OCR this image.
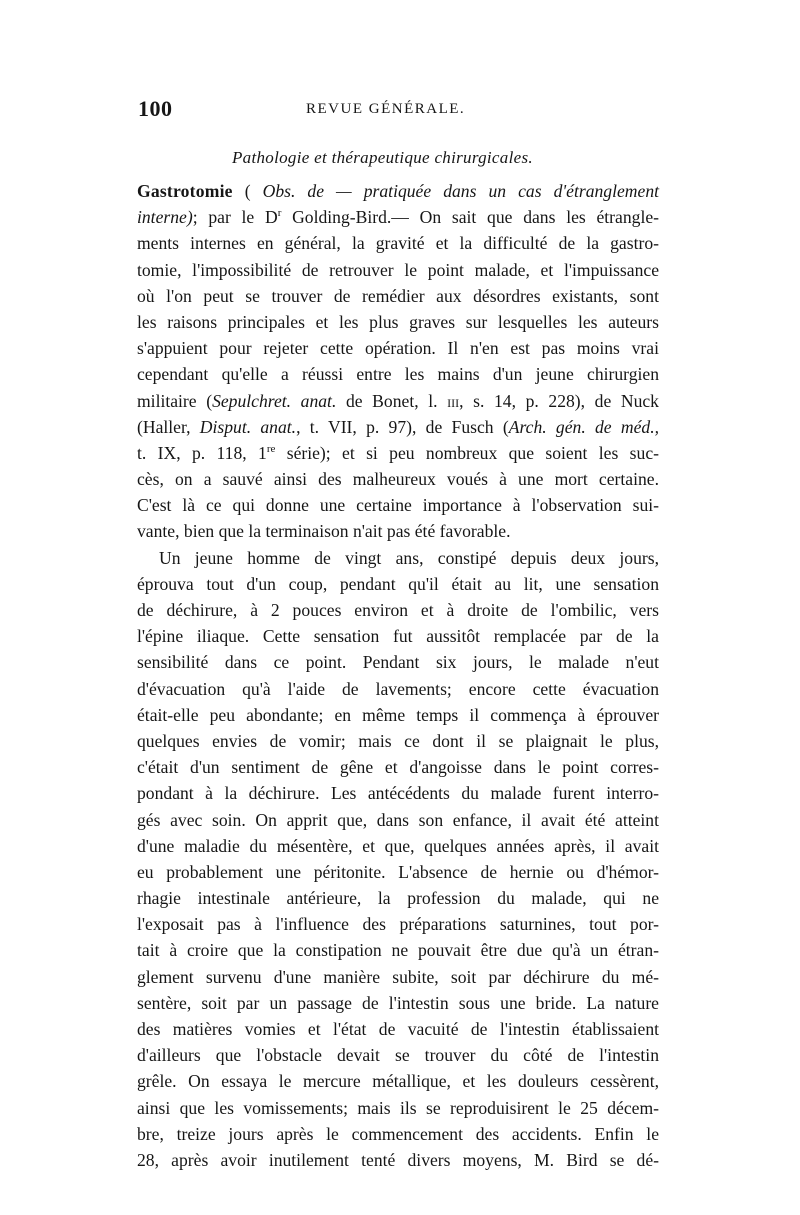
100	REVUE GÉNÉRALE.
Pathologie et thérapeutique chirurgicales.
Gastrotomie ( Obs. de — pratiquée dans un cas d'étranglement
interne); par le $D^r$ Golding-Bird.— On sait que dans les étrangle-
ments internes en général, la gravité et la difficulté de la gastro-
tomie, l'impossibilité de retrouver le point malade, et l'impuissance
où l'on peut se trouver de remédier aux désordres existants, sont
les raisons principales et les plus graves sur lesquelles les auteurs
s'appuient pour rejeter cette opération. Il n'en est pas moins vrai
cependant qu'elle a réussi entre les mains d'un jeune chirurgien
militaire (Sepulchret. anat. de Bonet, l. iii, s. 14, p. 228), de Nuck
(Haller, Disput. anat., t. VII, p. 97), de Fusch (Arch. gén. de méd.,
t. IX, p. 118, 1re série); et si peu nombreux que soient les suc-
cès, on a sauvé ainsi des malheureux voués à une mort certaine.
C'est là ce qui donne une certaine importance à l'observation sui-
vante, bien que la terminaison n'ait pas été favorable.
Un jeune homme de vingt ans, constipé depuis deux jours,
éprouva tout d'un coup, pendant qu'il était au lit, une sensation
de déchirure, à 2 pouces environ et à droite de l'ombilic, vers
l'épine iliaque. Cette sensation fut aussitôt remplacée par de la
sensibilité dans ce point. Pendant six jours, le malade n'eut
d'évacuation qu'à l'aide de lavements; encore cette évacuation
était-elle peu abondante; en même temps il commença à éprouver
quelques envies de vomir; mais ce dont il se plaignait le plus,
c'était d'un sentiment de gêne et d'angoisse dans le point corres-
pondant à la déchirure. Les antécédents du malade furent interro-
gés avec soin. On apprit que, dans son enfance, il avait été atteint
d'une maladie du mésentère, et que, quelques années après, il avait
eu probablement une péritonite. L'absence de hernie ou d'hémor-
rhagie intestinale antérieure, la profession du malade, qui ne
l'exposait pas à l'influence des préparations saturnines, tout por-
tait à croire que la constipation ne pouvait être due qu'à un étran-
glement survenu d'une manière subite, soit par déchirure du mé-
sentère, soit par un passage de l'intestin sous une bride. La nature
des matières vomies et l'état de vacuité de l'intestin établissaient
d'ailleurs que l'obstacle devait se trouver du côté de l'intestin
grêle. On essaya le mercure métallique, et les douleurs cessèrent,
ainsi que les vomissements; mais ils se reproduisirent le 25 décem-
bre, treize jours après le commencement des accidents. Enfin le
28, après avoir inutilement tenté divers moyens, M. Bird se dé-
